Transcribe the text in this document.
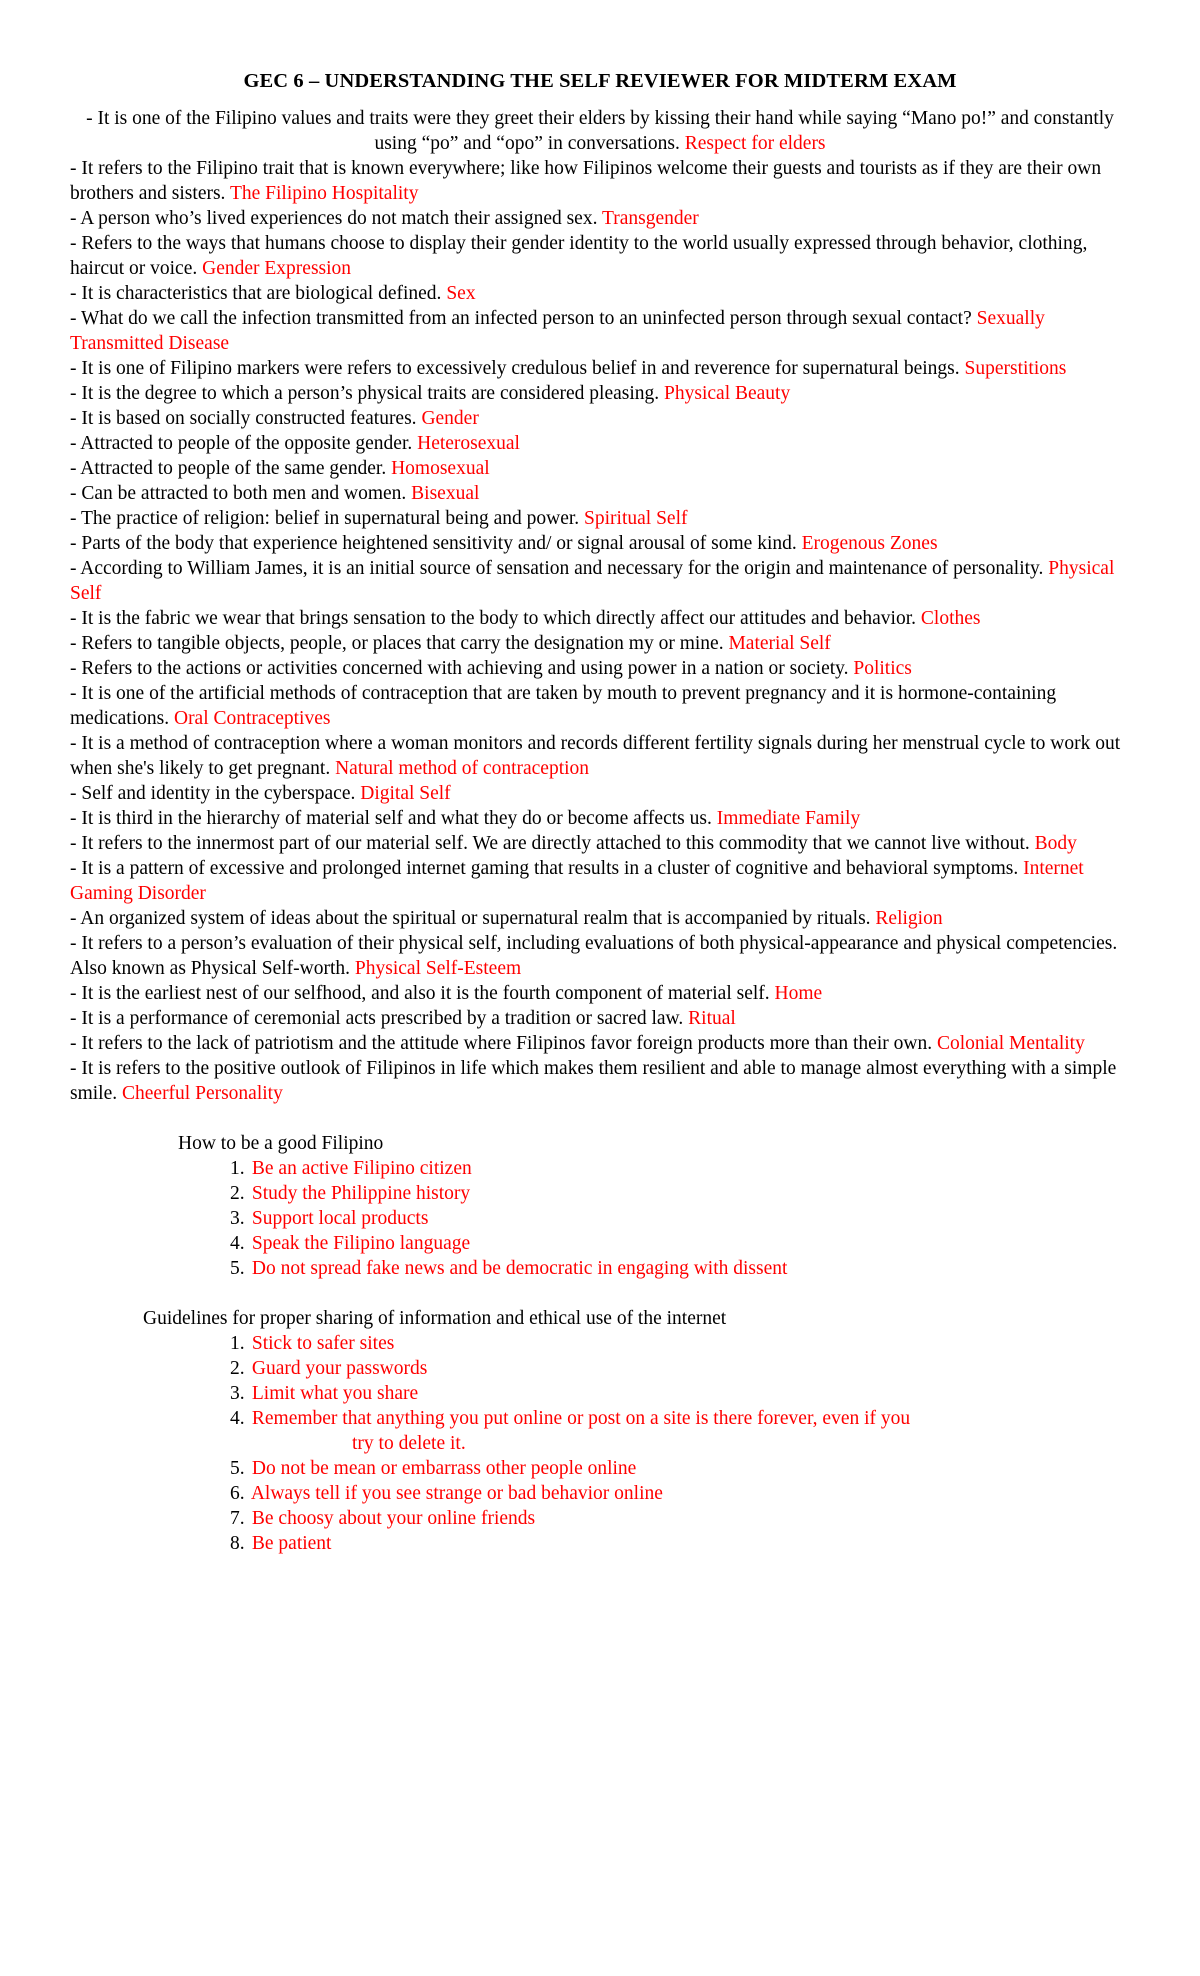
GEC 6 – UNDERSTANDING THE SELF REVIEWER FOR MIDTERM EXAM

- It is one of the Filipino values and traits were they greet their elders by kissing their hand while saying “Mano po!” and constantly using “po” and “opo” in conversations. Respect for elders

- It refers to the Filipino trait that is known everywhere; like how Filipinos welcome their guests and tourists as if they are their own brothers and sisters. The Filipino Hospitality

- A person who’s lived experiences do not match their assigned sex. Transgender

- Refers to the ways that humans choose to display their gender identity to the world usually expressed through behavior, clothing, haircut or voice. Gender Expression

- It is characteristics that are biological defined. Sex

- What do we call the infection transmitted from an infected person to an uninfected person through sexual contact? Sexually Transmitted Disease

- It is one of Filipino markers were refers to excessively credulous belief in and reverence for supernatural beings. Superstitions

- It is the degree to which a person’s physical traits are considered pleasing. Physical Beauty

- It is based on socially constructed features. Gender

- Attracted to people of the opposite gender. Heterosexual

- Attracted to people of the same gender. Homosexual

- Can be attracted to both men and women. Bisexual

- The practice of religion: belief in supernatural being and power. Spiritual Self

- Parts of the body that experience heightened sensitivity and/ or signal arousal of some kind. Erogenous Zones

- According to William James, it is an initial source of sensation and necessary for the origin and maintenance of personality. Physical Self

- It is the fabric we wear that brings sensation to the body to which directly affect our attitudes and behavior. Clothes

- Refers to tangible objects, people, or places that carry the designation my or mine. Material Self

- Refers to the actions or activities concerned with achieving and using power in a nation or society. Politics

- It is one of the artificial methods of contraception that are taken by mouth to prevent pregnancy and it is hormone-containing medications. Oral Contraceptives

- It is a method of contraception where a woman monitors and records different fertility signals during her menstrual cycle to work out when she's likely to get pregnant. Natural method of contraception

- Self and identity in the cyberspace. Digital Self

- It is third in the hierarchy of material self and what they do or become affects us. Immediate Family

- It refers to the innermost part of our material self. We are directly attached to this commodity that we cannot live without. Body

- It is a pattern of excessive and prolonged internet gaming that results in a cluster of cognitive and behavioral symptoms. Internet Gaming Disorder

- An organized system of ideas about the spiritual or supernatural realm that is accompanied by rituals. Religion

- It refers to a person’s evaluation of their physical self, including evaluations of both physical-appearance and physical competencies. Also known as Physical Self-worth. Physical Self-Esteem

- It is the earliest nest of our selfhood, and also it is the fourth component of material self. Home

- It is a performance of ceremonial acts prescribed by a tradition or sacred law. Ritual

- It refers to the lack of patriotism and the attitude where Filipinos favor foreign products more than their own. Colonial Mentality

- It is refers to the positive outlook of Filipinos in life which makes them resilient and able to manage almost everything with a simple smile. Cheerful Personality

How to be a good Filipino
1. Be an active Filipino citizen
2. Study the Philippine history
3. Support local products
4. Speak the Filipino language
5. Do not spread fake news and be democratic in engaging with dissent
Guidelines for proper sharing of information and ethical use of the internet
1. Stick to safer sites
2. Guard your passwords
3. Limit what you share
4. Remember that anything you put online or post on a site is there forever, even if you
try to delete it.
5. Do not be mean or embarrass other people online
6. Always tell if you see strange or bad behavior online
7. Be choosy about your online friends
8. Be patient
